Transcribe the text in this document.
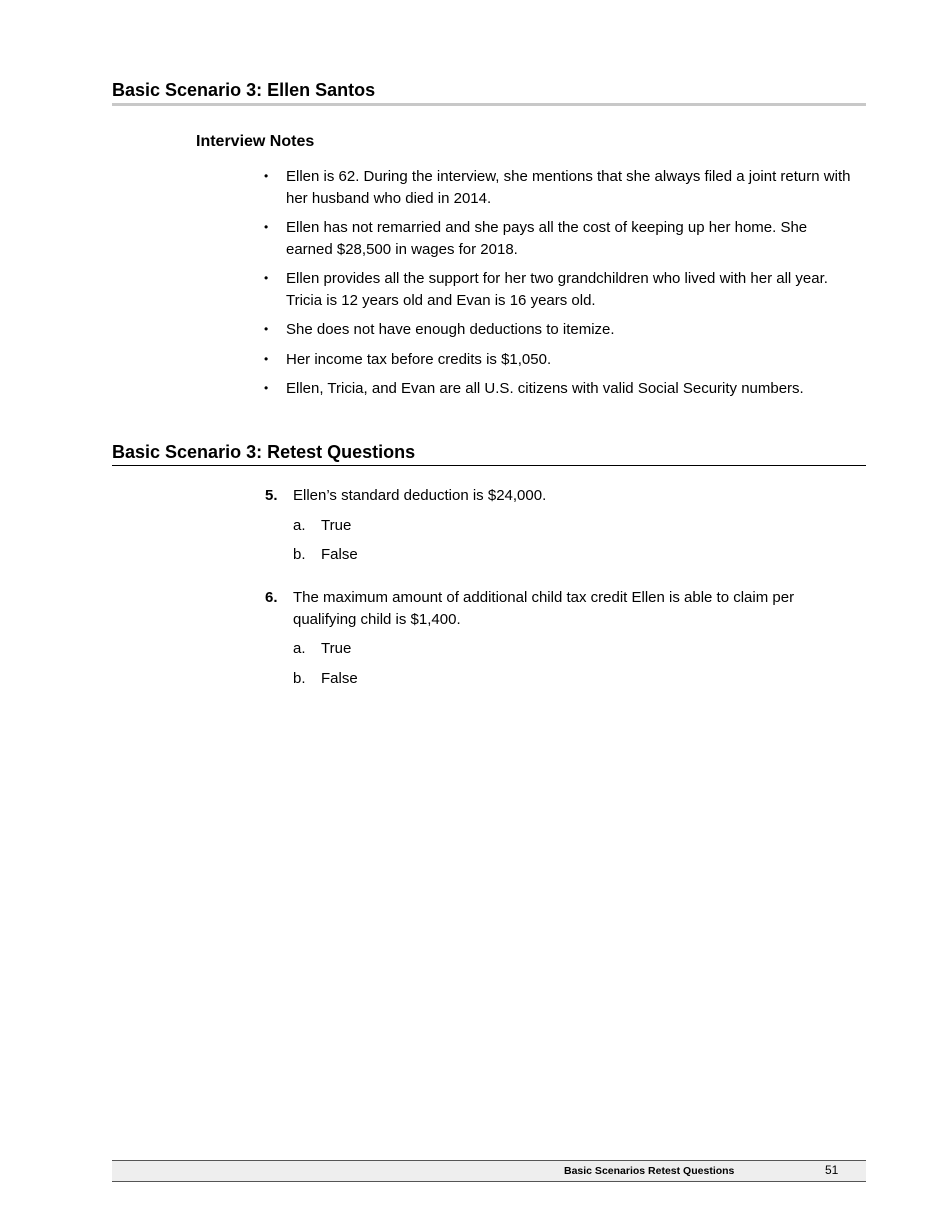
Basic Scenario 3: Ellen Santos
Interview Notes
• Ellen is 62. During the interview, she mentions that she always filed a joint return with her husband who died in 2014.
• Ellen has not remarried and she pays all the cost of keeping up her home. She earned $28,500 in wages for 2018.
• Ellen provides all the support for her two grandchildren who lived with her all year. Tricia is 12 years old and Evan is 16 years old.
• She does not have enough deductions to itemize.
• Her income tax before credits is $1,050.
• Ellen, Tricia, and Evan are all U.S. citizens with valid Social Security numbers.
Basic Scenario 3: Retest Questions
5. Ellen’s standard deduction is $24,000.
a. True
b. False
6. The maximum amount of additional child tax credit Ellen is able to claim per qualifying child is $1,400.
a. True
b. False
Basic Scenarios Retest Questions	51
